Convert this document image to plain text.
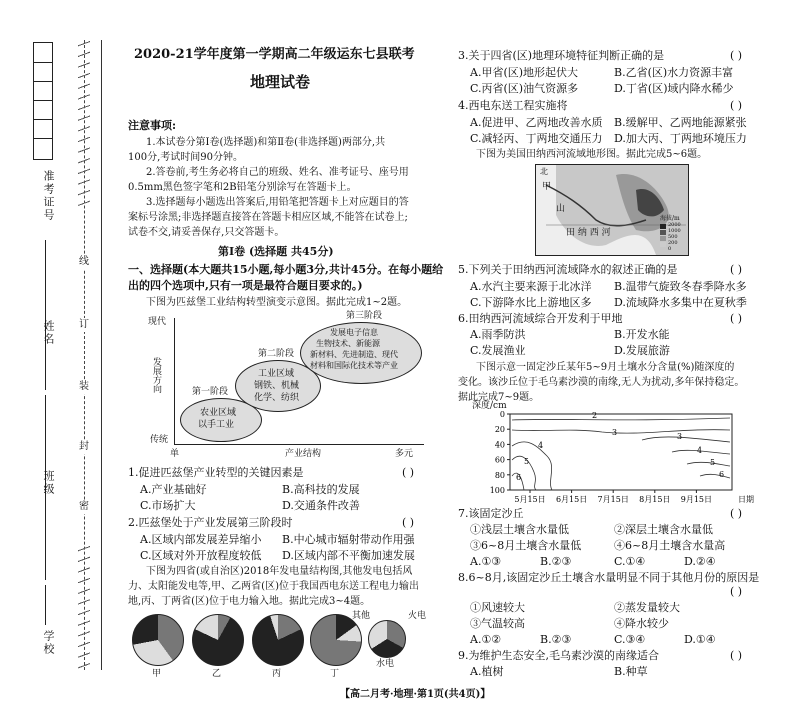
准考证号
姓名
班级
学校
线
订
装
封
密
2020-21学年度第一学期高二年级运东七县联考
地理试卷
注意事项:
1.本试卷分第Ⅰ卷(选择题)和第Ⅱ卷(非选择题)两部分,共
100分,考试时间90分钟。
2.答卷前,考生务必将自己的班级、姓名、准考证号、座号用
0.5mm黑色签字笔和2B铅笔分别涂写在答题卡上。
3.选择题每小题选出答案后,用铅笔把答题卡上对应题目的答
案标号涂黑;非选择题直接答在答题卡相应区域,不能答在试卷上;
试卷不交,请妥善保存,只交答题卡。
第Ⅰ卷 (选择题 共45分)
一、选择题(本大题共15小题,每小题3分,共计45分。在每小题给
出的四个选项中,只有一项是最符合题目要求的。)
下图为匹兹堡工业结构转型演变示意图。据此完成1~2题。
现代
发展方向
传统
单	产业结构	多元
第一阶段
农业区域
以手工业
第二阶段
工业区域
钢铁、机械
化学、纺织
第三阶段
发展电子信息
生物技术、新能源
新材料、先进制造、现代
材料和国际化技术等产业
1.促进匹兹堡产业转型的关键因素是	( )
A.产业基础好	B.高科技的发展
C.市场扩大	D.交通条件改善
2.匹兹堡处于产业发展第三阶段时	( )
A.区域内部发展差异缩小 B.中心城市辐射带动作用强
C.区域对外开放程度较低 D.区域内部不平衡加速发展
下图为四省(或自治区)2018年发电量结构图,其他发电包括风
力、太阳能发电等,甲、乙两省(区)位于我国西电东送工程电力输出
地,丙、丁两省(区)位于电力输入地。据此完成3~4题。
甲	乙	丙	丁
其他	火电
水电
3.关于四省(区)地理环境特征判断正确的是	( )
A.甲省(区)地形起伏大	B.乙省(区)水力资源丰富
C.丙省(区)油气资源多	D.丁省(区)域内降水稀少
4.西电东送工程实施将	( )
A.促进甲、乙两地改善水质 B.缓解甲、乙两地能源紧张
C.减轻丙、丁两地交通压力 D.加大丙、丁两地环境压力
下图为美国田纳西河流域地形图。据此完成5~6题。
北
甲
山
田 纳 西 河
海拔/m
2000
1000
500
200
0
5.下列关于田纳西河流域降水的叙述正确的是	( )
A.水汽主要来源于北冰洋 B.温带气旋致冬春季降水多
C.下游降水比上游地区多 D.流域降水多集中在夏秋季
6.田纳西河流域综合开发利于甲地	( )
A.雨季防洪	B.开发水能
C.发展渔业	D.发展旅游
下图示意一固定沙丘某年5~9月土壤水分含量(%)随深度的
变化。该沙丘位于毛乌素沙漠的南缘,无人为扰动,多年保持稳定。
据此完成7~9题。
0
20
40
60
80
100
5月15日 6月15日 7月15日 8月15日 9月15日	日期
2
3
4
5
6
3
4
5
6
深度/cm
7.该固定沙丘	( )
①浅层土壤含水量低	②深层土壤含水量低
③6~8月土壤含水量低	④6~8月土壤含水量高
A.①③	B.②③	C.①④	D.②④
8.6~8月,该固定沙丘土壤含水量明显不同于其他月份的原因是
( )
①风速较大	②蒸发量较大
③气温较高	④降水较少
A.①②	B.②③	C.③④	D.①④
9.为维护生态安全,毛乌素沙漠的南缘适合	( )
A.植树	B.种草
【高二月考·地理·第1页(共4页)】
